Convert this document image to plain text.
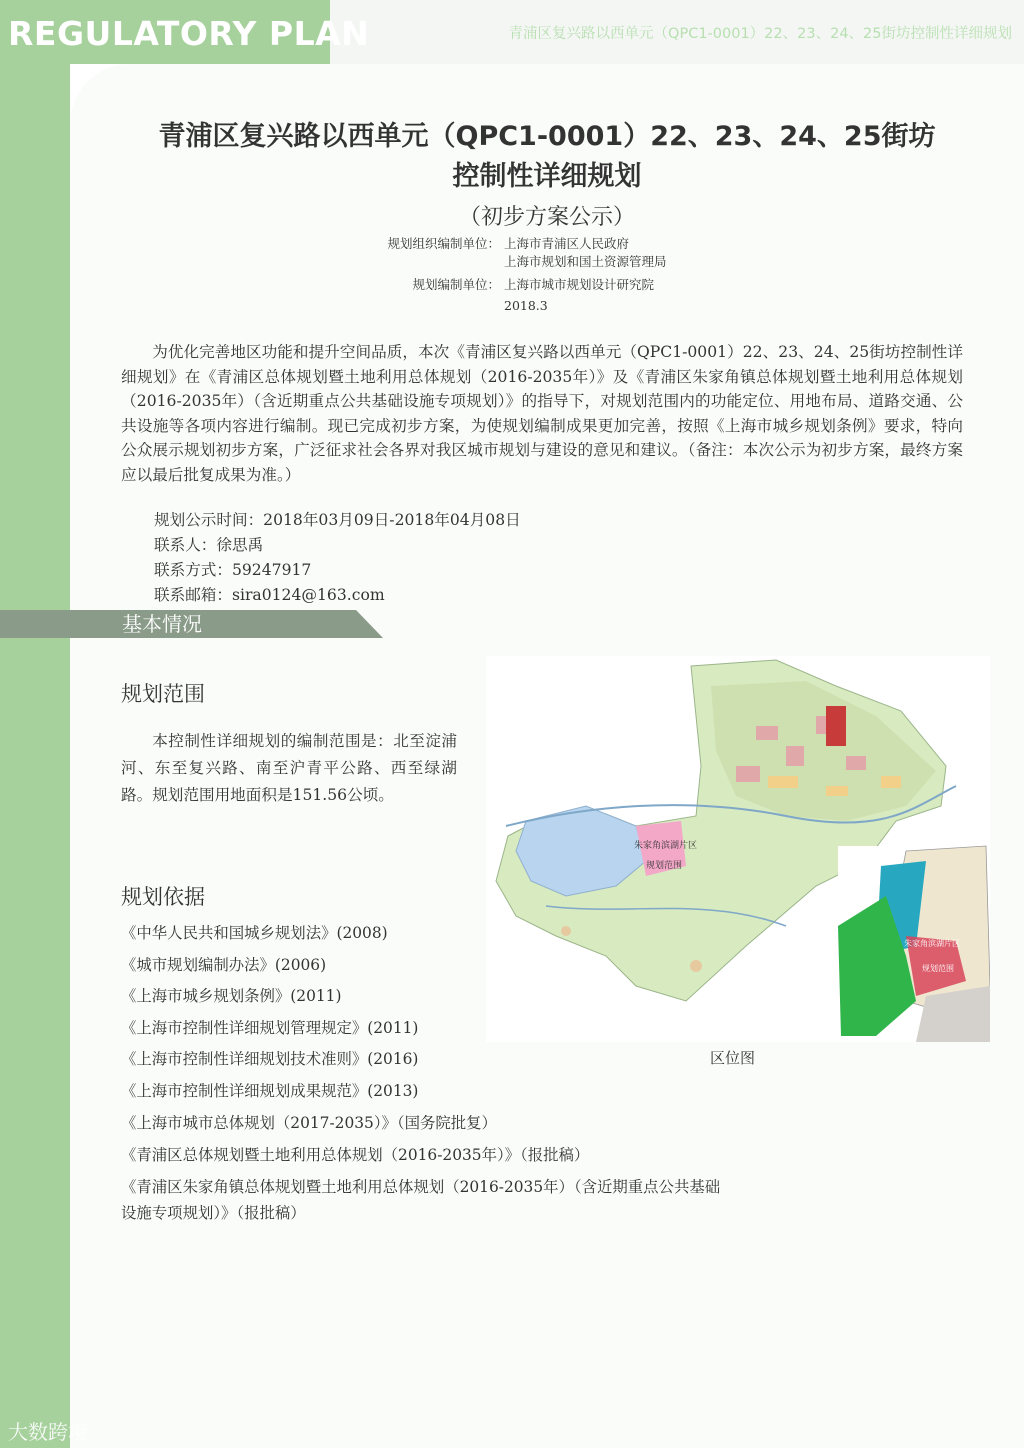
REGULATORY PLAN	青浦区复兴路以西单元（QPC1-0001）22、23、24、25街坊控制性详细规划
青浦区复兴路以西单元（QPC1-0001）22、23、24、25街坊
控制性详细规划
（初步方案公示）
规划组织编制单位： 上海市青浦区人民政府
上海市规划和国土资源管理局
规划编制单位： 上海市城市规划设计研究院
2018.3

为优化完善地区功能和提升空间品质，本次《青浦区复兴路以西单元（QPC1-0001）22、23、24、25街坊控制性详细规划》在《青浦区总体规划暨土地利用总体规划（2016-2035年）》及《青浦区朱家角镇总体规划暨土地利用总体规划（2016-2035年）（含近期重点公共基础设施专项规划）》的指导下，对规划范围内的功能定位、用地布局、道路交通、公共设施等各项内容进行编制。现已完成初步方案，为使规划编制成果更加完善，按照《上海市城乡规划条例》要求，特向公众展示规划初步方案，广泛征求社会各界对我区城市规划与建设的意见和建议。（备注：本次公示为初步方案，最终方案应以最后批复成果为准。）

规划公示时间：2018年03月09日-2018年04月08日
联系人：徐思禹
联系方式：59247917
联系邮箱：sira0124@163.com
基本情况
规划范围

本控制性详细规划的编制范围是：北至淀浦河、东至复兴路、南至沪青平公路、西至绿湖路。规划范围用地面积是151.56公顷。

规划依据

《中华人民共和国城乡规划法》(2008)

《城市规划编制办法》(2006)

《上海市城乡规划条例》(2011)

《上海市控制性详细规划管理规定》(2011)

《上海市控制性详细规划技术准则》(2016)

《上海市控制性详细规划成果规范》(2013)

《上海市城市总体规划（2017-2035）》（国务院批复）

《青浦区总体规划暨土地利用总体规划（2016-2035年）》（报批稿）

《青浦区朱家角镇总体规划暨土地利用总体规划（2016-2035年）（含近期重点公共基础设施专项规划）》（报批稿）

朱家角滨湖片区
规划范围
朱家角滨湖片区
规划范围
区位图
大数跨境
